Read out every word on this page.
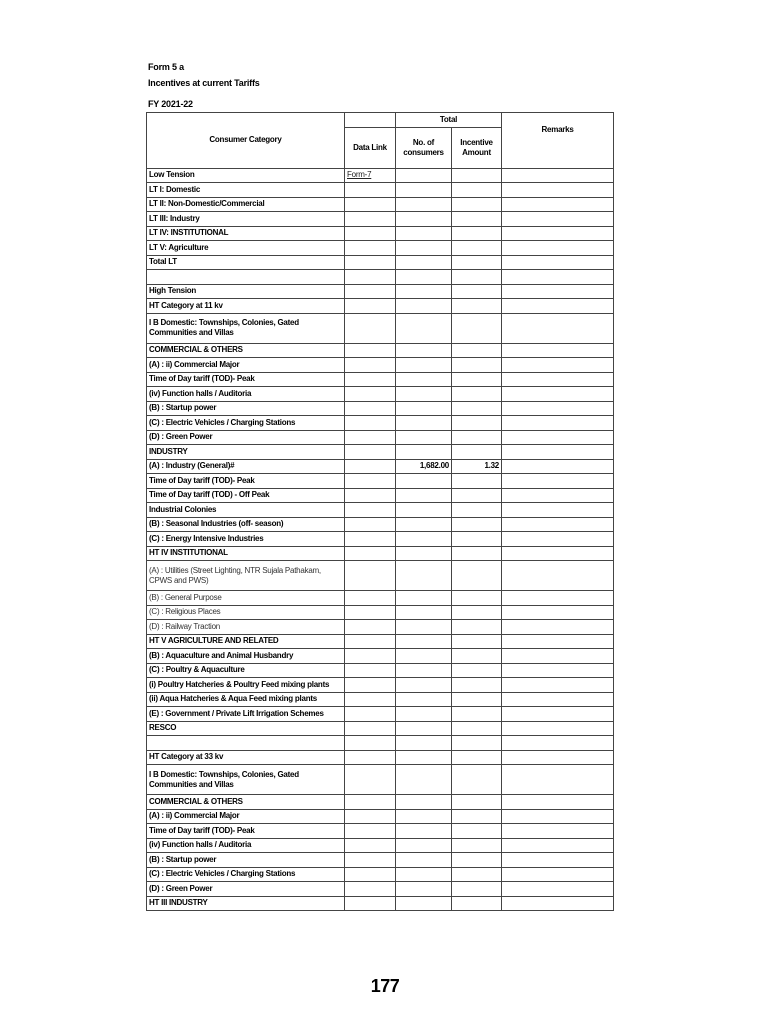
Form 5 a
Incentives at current Tariffs
FY 2021-22
Consumer Category		Total		Remarks
	Data Link	No. of consumers	Incentive Amount	

Low Tension	Form-7			
LT I: Domestic				
LT II: Non-Domestic/Commercial				
LT III: Industry				
LT IV: INSTITUTIONAL				
LT V: Agriculture				
Total LT				

High Tension				
HT Category at 11 kv				
I B Domestic: Townships, Colonies, Gated Communities and Villas				
COMMERCIAL & OTHERS				
(A) : ii) Commercial Major				
Time of Day tariff (TOD)- Peak				
(iv) Function halls / Auditoria				
(B) : Startup power				
(C) : Electric Vehicles / Charging Stations				
(D) : Green Power				
INDUSTRY				
(A) : Industry (General)#		1,682.00	1.32	
Time of Day tariff (TOD)- Peak				
Time of Day tariff (TOD) - Off Peak				
Industrial Colonies				
(B) : Seasonal Industries (off- season)				
(C) : Energy Intensive Industries				
HT IV INSTITUTIONAL				
(A) : Utilities (Street Lighting, NTR Sujala Pathakam, CPWS and PWS)				
(B) : General Purpose				
(C) : Religious Places				
(D) : Railway Traction				
HT V AGRICULTURE AND RELATED				
(B) : Aquaculture and Animal Husbandry				
(C) : Poultry & Aquaculture				
(i) Poultry Hatcheries & Poultry Feed mixing plants				
(ii) Aqua Hatcheries & Aqua Feed mixing plants				
(E) : Government / Private Lift Irrigation Schemes				
RESCO				

HT Category at 33 kv				
I B Domestic: Townships, Colonies, Gated Communities and Villas				
COMMERCIAL & OTHERS				
(A) : ii) Commercial Major				
Time of Day tariff (TOD)- Peak				
(iv) Function halls / Auditoria				
(B) : Startup power				
(C) : Electric Vehicles / Charging Stations				
(D) : Green Power				
HT III INDUSTRY				
177
